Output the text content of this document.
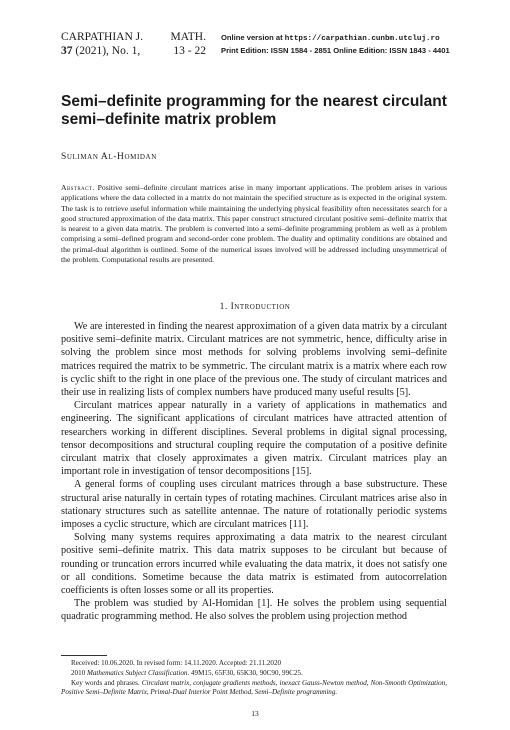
CARPATHIAN J.
37 (2021), No. 1,
MATH.
13 - 22
Online version at https://carpathian.cunbm.utcluj.ro
Print Edition: ISSN 1584 - 2851 Online Edition: ISSN 1843 - 4401
Semi–definite programming for the nearest circulant
semi–definite matrix problem
Suliman Al-Homidan
Abstract. Positive semi–definite circulant matrices arise in many important applications. The problem arises in various applications where the data collected in a matrix do not maintain the specified structure as is expected in the original system. The task is to retrieve useful information while maintaining the underlying physical feasibility often necessitates search for a good structured approximation of the data matrix. This paper construct structured circulant positive semi–definite matrix that is nearest to a given data matrix. The problem is converted into a semi–definite programming problem as well as a problem comprising a semi–defined program and second-order cone problem. The duality and optimality conditions are obtained and the primal-dual algorithm is outlined. Some of the numerical issues involved will be addressed including unsymmetrical of the problem. Computational results are presented.
1. Introduction

We are interested in finding the nearest approximation of a given data matrix by a circulant positive semi–definite matrix. Circulant matrices are not symmetric, hence, difficulty arise in solving the problem since most methods for solving problems involving semi–definite matrices required the matrix to be symmetric. The circulant matrix is a matrix where each row is cyclic shift to the right in one place of the previous one. The study of circulant matrices and their use in realizing lists of complex numbers have produced many useful results [5].

Circulant matrices appear naturally in a variety of applications in mathematics and engineering. The significant applications of circulant matrices have attracted attention of researchers working in different disciplines. Several problems in digital signal processing, tensor decompositions and structural coupling require the computation of a positive definite circulant matrix that closely approximates a given matrix. Circulant matrices play an important role in investigation of tensor decompositions [15].

A general forms of coupling uses circulant matrices through a base substructure. These structural arise naturally in certain types of rotating machines. Circulant matrices arise also in stationary structures such as satellite antennae. The nature of rotationally periodic systems imposes a cyclic structure, which are circulant matrices [11].

Solving many systems requires approximating a data matrix to the nearest circulant positive semi–definite matrix. This data matrix supposes to be circulant but because of rounding or truncation errors incurred while evaluating the data matrix, it does not satisfy one or all conditions. Sometime because the data matrix is estimated from autocorrelation coefficients is often losses some or all its properties.

The problem was studied by Al-Homidan [1]. He solves the problem using sequential quadratic programming method. He also solves the problem using projection method

Received: 10.06.2020. In revised form: 14.11.2020. Accepted: 21.11.2020
2010 Mathematics Subject Classification. 49M15, 65F30, 65K30, 90C90, 99C25.
Key words and phrases. Circulant matrix, conjugate gradients methods, inexact Gauss-Newton method, Non-Smooth Optimization, Positive Semi–Definite Matrix, Primal-Dual Interior Point Method, Semi–Definite programming.
13
